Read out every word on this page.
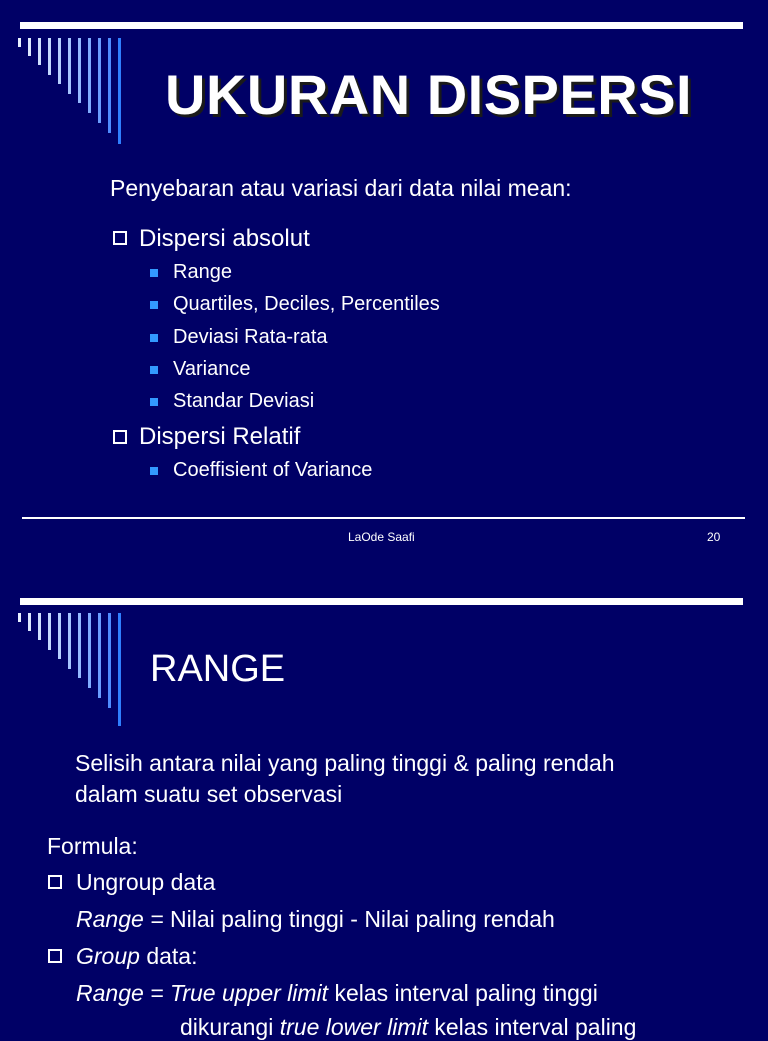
UKURAN DISPERSI
Penyebaran atau variasi dari data nilai mean:
Dispersi absolut
Range
Quartiles, Deciles, Percentiles
Deviasi Rata-rata
Variance
Standar Deviasi
Dispersi Relatif
Coeffisient of Variance
LaOde Saafi	20
RANGE
Selisih antara nilai yang paling tinggi & paling rendah
dalam suatu set observasi
Formula:
Ungroup data
Range = Nilai paling tinggi - Nilai paling rendah
Group data:
Range = True upper limit kelas interval paling tinggi
dikurangi true lower limit kelas interval paling
